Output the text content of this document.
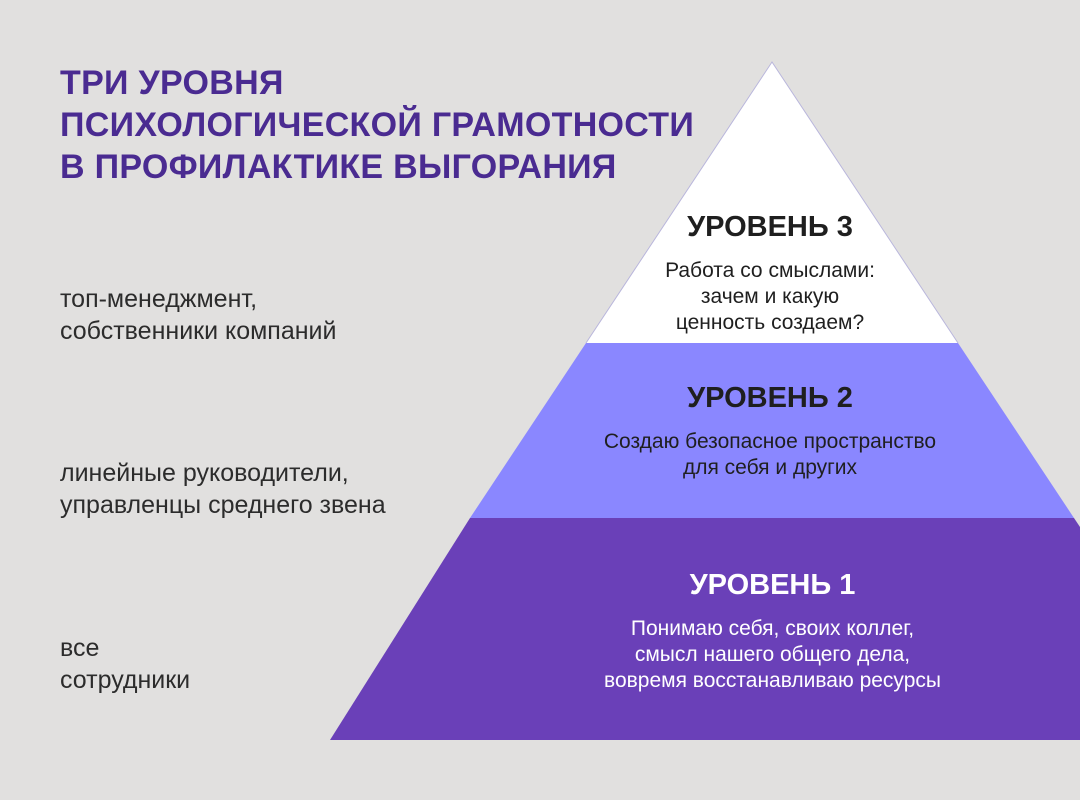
ТРИ УРОВНЯ
ПСИХОЛОГИЧЕСКОЙ ГРАМОТНОСТИ
В ПРОФИЛАКТИКЕ ВЫГОРАНИЯ
топ-менеджмент,
собственники компаний
линейные руководители,
управленцы среднего звена
все
сотрудники
УРОВЕНЬ 3
Работа со смыслами:
зачем и какую
ценность создаем?
УРОВЕНЬ 2
Создаю безопасное пространство
для себя и других
УРОВЕНЬ 1
Понимаю себя, своих коллег,
смысл нашего общего дела,
вовремя восстанавливаю ресурсы
